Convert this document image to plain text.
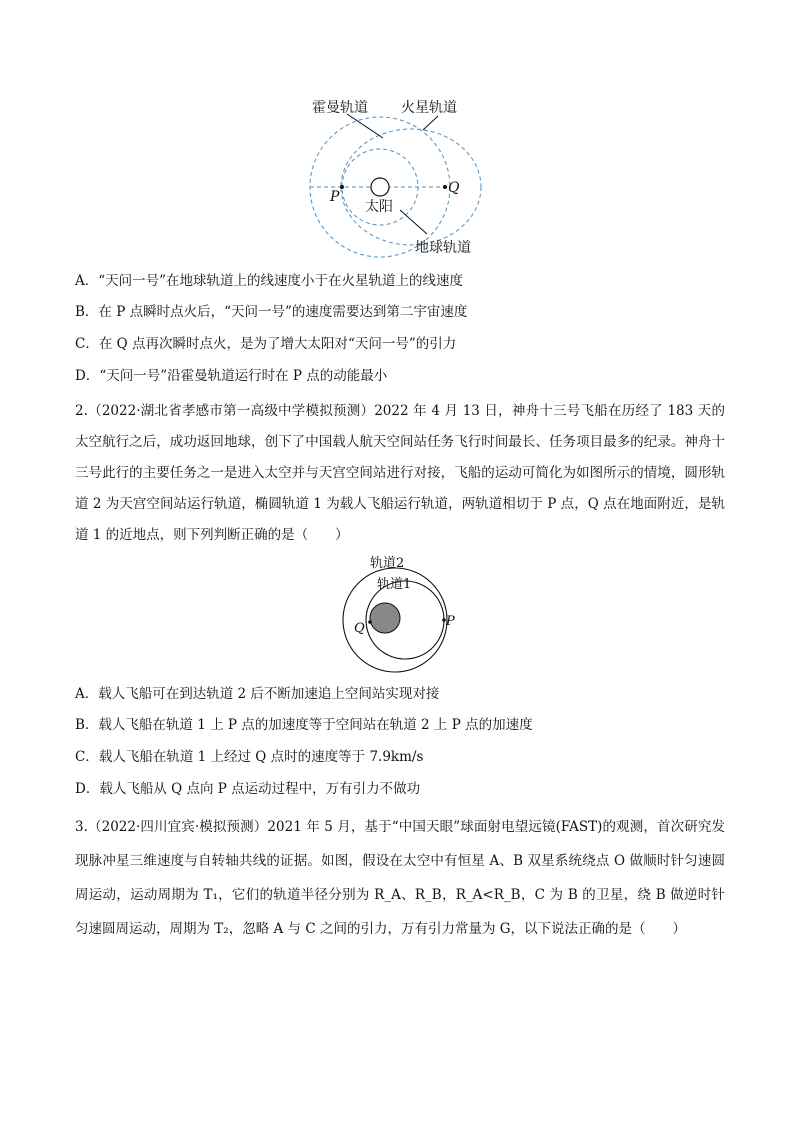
霍曼轨道 火星轨道
太阳
地球轨道
P
Q
A．“天问一号”在地球轨道上的线速度小于在火星轨道上的线速度
B．在 P 点瞬时点火后，“天问一号”的速度需要达到第二宇宙速度
C．在 Q 点再次瞬时点火，是为了增大太阳对“天问一号”的引力
D．“天问一号”沿霍曼轨道运行时在 P 点的动能最小
2.（2022·湖北省孝感市第一高级中学模拟预测）2022 年 4 月 13 日，神舟十三号飞船在历经了 183 天的太空航行之后，成功返回地球，创下了中国载人航天空间站任务飞行时间最长、任务项目最多的纪录。神舟十三号此行的主要任务之一是进入太空并与天宫空间站进行对接，飞船的运动可简化为如图所示的情境，圆形轨道 2 为天宫空间站运行轨道，椭圆轨道 1 为载人飞船运行轨道，两轨道相切于 P 点，Q 点在地面附近，是轨道 1 的近地点，则下列判断正确的是（　　）
轨道2
轨道1
Q	P
A．载人飞船可在到达轨道 2 后不断加速追上空间站实现对接
B．载人飞船在轨道 1 上 P 点的加速度等于空间站在轨道 2 上 P 点的加速度
C．载人飞船在轨道 1 上经过 Q 点时的速度等于 7.9km/s
D．载人飞船从 Q 点向 P 点运动过程中，万有引力不做功
3.（2022·四川宜宾·模拟预测）2021 年 5 月，基于“中国天眼”球面射电望远镜(FAST)的观测，首次研究发现脉冲星三维速度与自转轴共线的证据。如图，假设在太空中有恒星 A、B 双星系统绕点 O 做顺时针匀速圆周运动，运动周期为 T₁，它们的轨道半径分别为 R_A、R_B，R_A<R_B，C 为 B 的卫星，绕 B 做逆时针匀速圆周运动，周期为 T₂，忽略 A 与 C 之间的引力，万有引力常量为 G，以下说法正确的是（　　）
